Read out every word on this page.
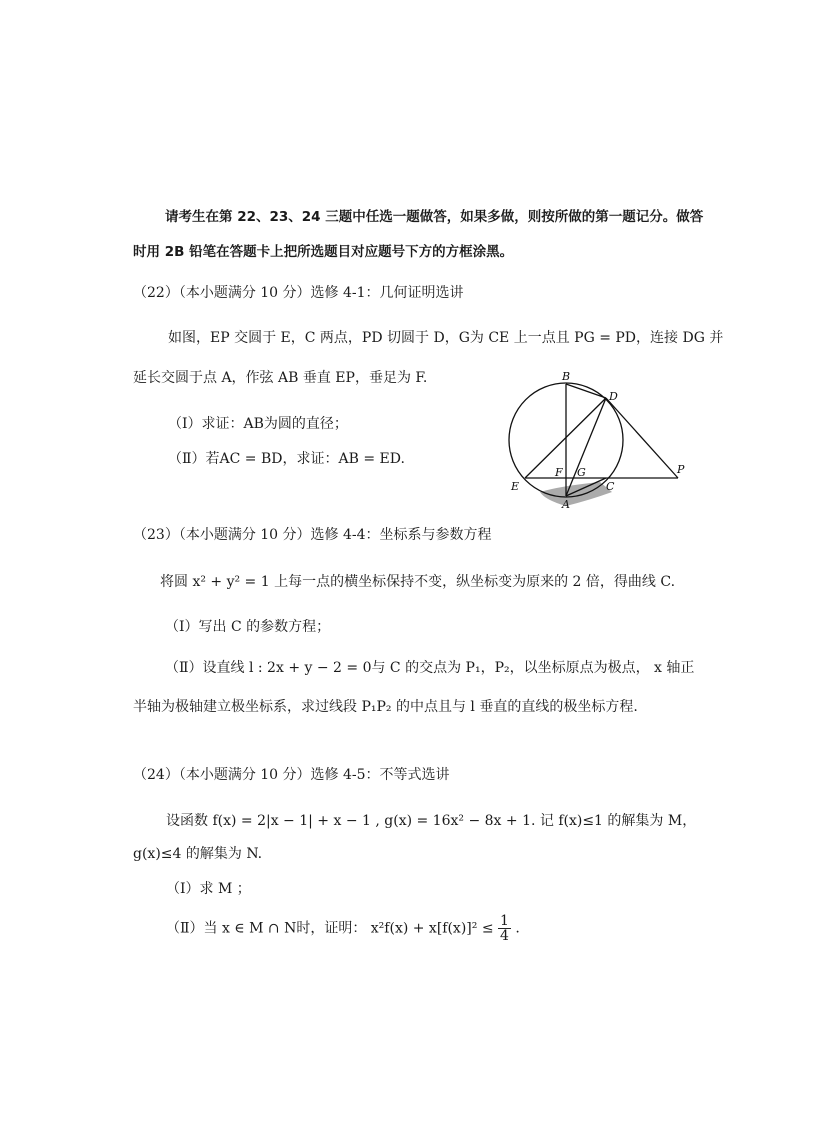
请考生在第 22、23、24 三题中任选一题做答，如果多做，则按所做的第一题记分。做答
时用 2B 铅笔在答题卡上把所选题目对应题号下方的方框涂黑。
（22）（本小题满分 10 分）选修 4-1：几何证明选讲
如图，EP 交圆于 E，C 两点，PD 切圆于 D，G为 CE 上一点且 PG = PD，连接 DG 并
延长交圆于点 A，作弦 AB 垂直 EP，垂足为 F.
（Ⅰ）求证：AB为圆的直径；
（Ⅱ）若AC = BD，求证：AB = ED.
B
D
E
F G
C
P
A
（23）（本小题满分 10 分）选修 4-4：坐标系与参数方程
将圆 x² + y² = 1 上每一点的横坐标保持不变，纵坐标变为原来的 2 倍，得曲线 C.
（Ⅰ）写出 C 的参数方程；
（Ⅱ）设直线 l : 2x + y − 2 = 0与 C 的交点为 P₁，P₂，以坐标原点为极点， x 轴正
半轴为极轴建立极坐标系，求过线段 P₁P₂ 的中点且与 l 垂直的直线的极坐标方程.
（24）（本小题满分 10 分）选修 4-5：不等式选讲
设函数 f(x) = 2|x − 1| + x − 1 , g(x) = 16x² − 8x + 1. 记 f(x)≤1 的解集为 M，
g(x)≤4 的解集为 N.
（Ⅰ）求 M ；
（Ⅱ）当 x ∈ M ∩ N时，证明： $x^2f(x) + x[f(x)]^2 \le \frac{1}{4}$ .
